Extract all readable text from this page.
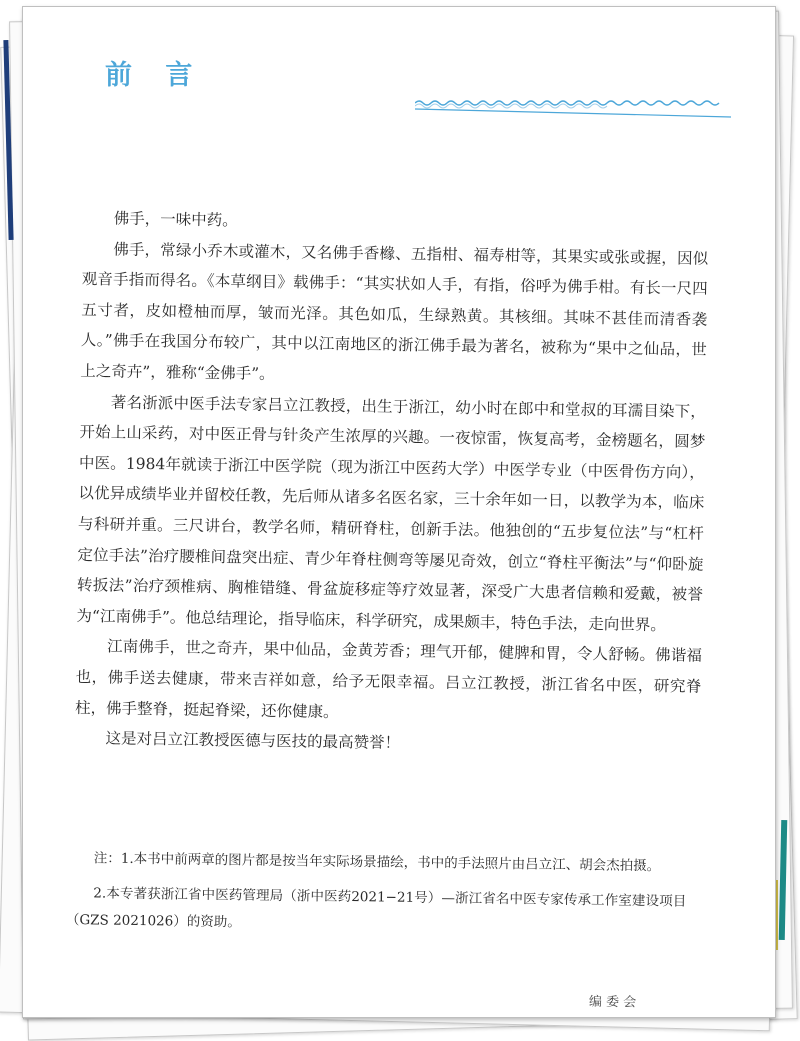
前 言

佛手，一味中药。

佛手，常绿小乔木或灌木，又名佛手香橼、五指柑、福寿柑等，其果实或张或握，因似观音手指而得名。《本草纲目》载佛手：“其实状如人手，有指，俗呼为佛手柑。有长一尺四五寸者，皮如橙柚而厚，皱而光泽。其色如瓜，生绿熟黄。其核细。其味不甚佳而清香袭人。”佛手在我国分布较广，其中以江南地区的浙江佛手最为著名，被称为“果中之仙品，世上之奇卉”，雅称“金佛手”。

著名浙派中医手法专家吕立江教授，出生于浙江，幼小时在郎中和堂叔的耳濡目染下，开始上山采药，对中医正骨与针灸产生浓厚的兴趣。一夜惊雷，恢复高考，金榜题名，圆梦中医。1984年就读于浙江中医学院（现为浙江中医药大学）中医学专业（中医骨伤方向），以优异成绩毕业并留校任教，先后师从诸多名医名家，三十余年如一日，以教学为本，临床与科研并重。三尺讲台，教学名师，精研脊柱，创新手法。他独创的“五步复位法”与“杠杆定位手法”治疗腰椎间盘突出症、青少年脊柱侧弯等屡见奇效，创立“脊柱平衡法”与“仰卧旋转扳法”治疗颈椎病、胸椎错缝、骨盆旋移症等疗效显著，深受广大患者信赖和爱戴，被誉为“江南佛手”。他总结理论，指导临床，科学研究，成果颇丰，特色手法，走向世界。

江南佛手，世之奇卉，果中仙品，金黄芳香；理气开郁，健脾和胃，令人舒畅。佛谐福也，佛手送去健康，带来吉祥如意，给予无限幸福。吕立江教授，浙江省名中医，研究脊柱，佛手整脊，挺起脊梁，还你健康。

这是对吕立江教授医德与医技的最高赞誉！

注：1.本书中前两章的图片都是按当年实际场景描绘，书中的手法照片由吕立江、胡会杰拍摄。

2.本专著获浙江省中医药管理局（浙中医药2021−21号）—浙江省名中医专家传承工作室建设项目（GZS 2021026）的资助。

编 委 会
